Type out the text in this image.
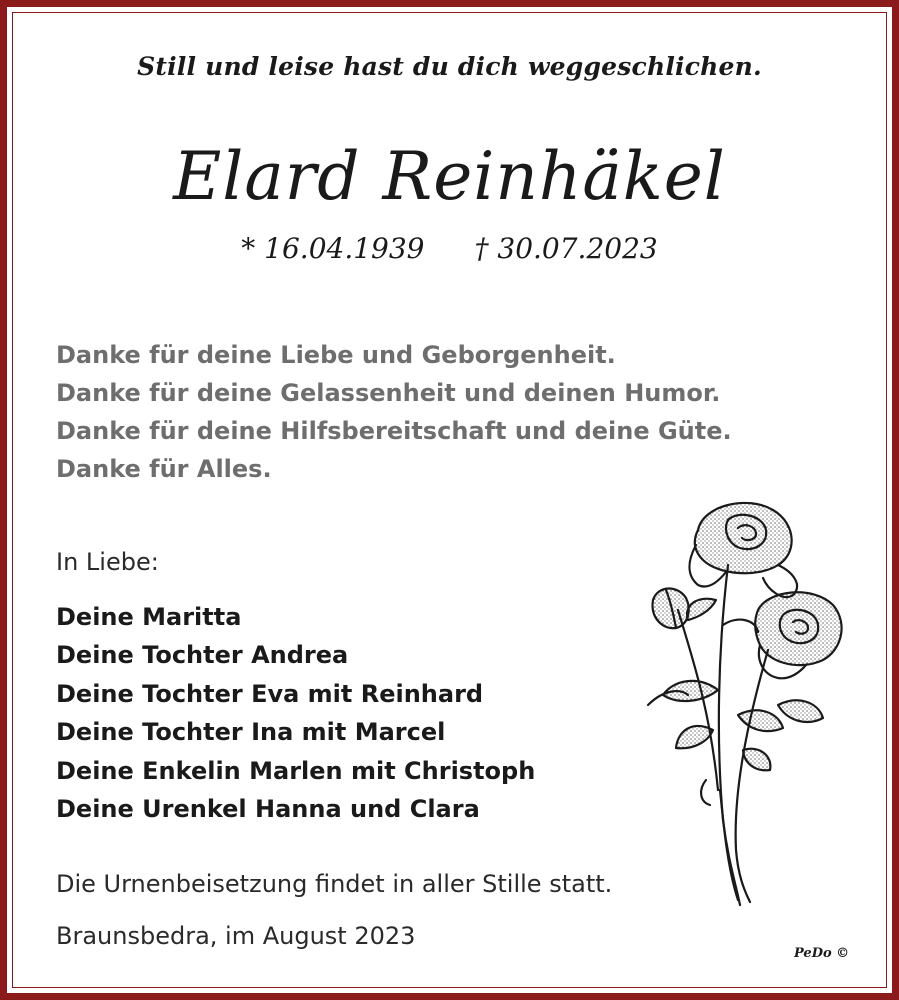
Still und leise hast du dich weggeschlichen.
Elard Reinhäkel
* 16.04.1939 † 30.07.2023
Danke für deine Liebe und Geborgenheit.
Danke für deine Gelassenheit und deinen Humor.
Danke für deine Hilfsbereitschaft und deine Güte.
Danke für Alles.
In Liebe:
Deine Maritta
Deine Tochter Andrea
Deine Tochter Eva mit Reinhard
Deine Tochter Ina mit Marcel
Deine Enkelin Marlen mit Christoph
Deine Urenkel Hanna und Clara
Die Urnenbeisetzung findet in aller Stille statt.
Braunsbedra, im August 2023
PeDo ©
